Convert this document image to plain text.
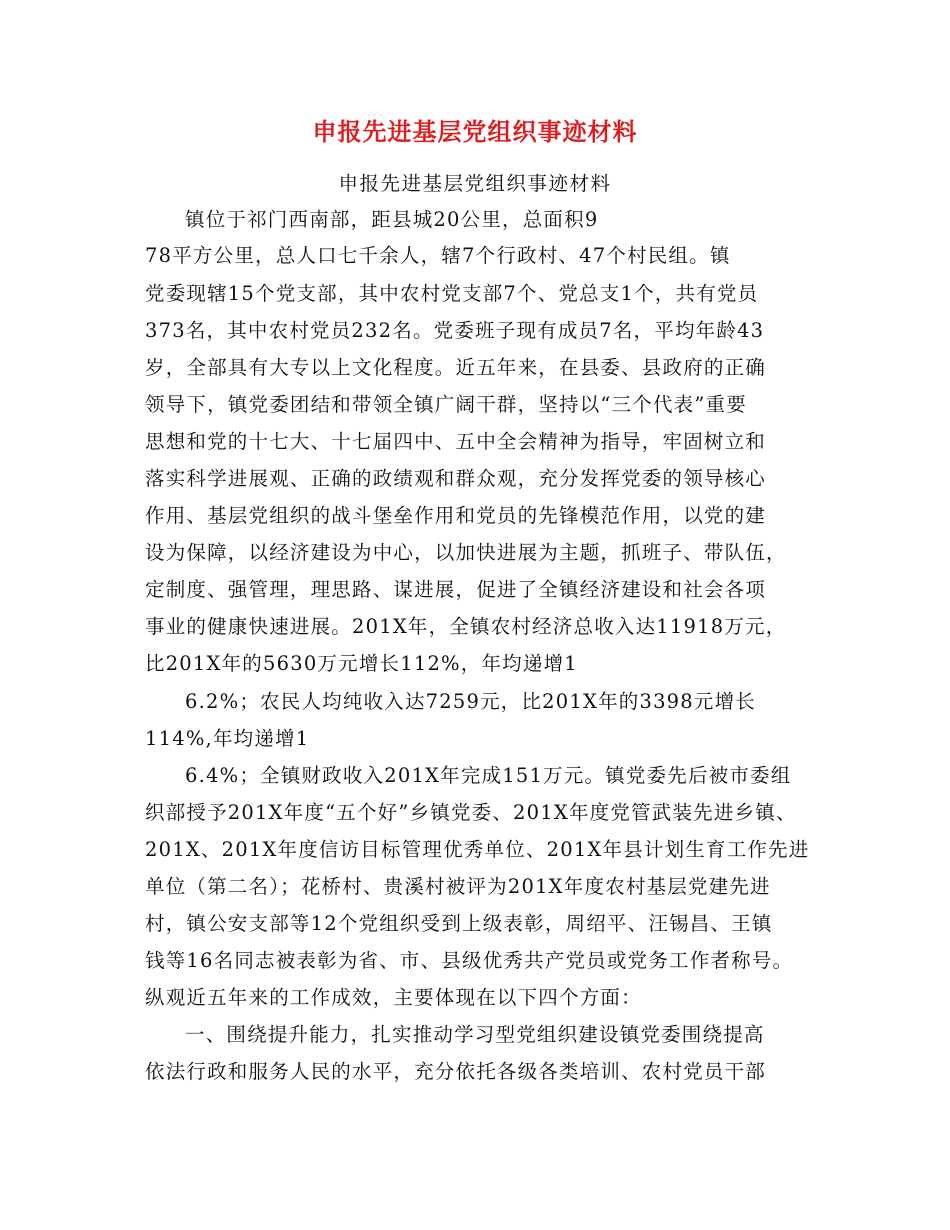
申报先进基层党组织事迹材料
申报先进基层党组织事迹材料
镇位于祁门西南部，距县城20公里，总面积9
78平方公里，总人口七千余人，辖7个行政村、47个村民组。镇
党委现辖15个党支部，其中农村党支部7个、党总支1个，共有党员
373名，其中农村党员232名。党委班子现有成员7名，平均年龄43
岁，全部具有大专以上文化程度。近五年来，在县委、县政府的正确
领导下，镇党委团结和带领全镇广阔干群，坚持以“三个代表”重要
思想和党的十七大、十七届四中、五中全会精神为指导，牢固树立和
落实科学进展观、正确的政绩观和群众观，充分发挥党委的领导核心
作用、基层党组织的战斗堡垒作用和党员的先锋模范作用，以党的建
设为保障，以经济建设为中心，以加快进展为主题，抓班子、带队伍，
定制度、强管理，理思路、谋进展，促进了全镇经济建设和社会各项
事业的健康快速进展。201X年，全镇农村经济总收入达11918万元，
比201X年的5630万元增长112%，年均递增1
6.2%；农民人均纯收入达7259元，比201X年的3398元增长
114%,年均递增1
6.4%；全镇财政收入201X年完成151万元。镇党委先后被市委组
织部授予201X年度“五个好”乡镇党委、201X年度党管武装先进乡镇、
201X、201X年度信访目标管理优秀单位、201X年县计划生育工作先进
单位（第二名）；花桥村、贵溪村被评为201X年度农村基层党建先进
村，镇公安支部等12个党组织受到上级表彰，周绍平、汪锡昌、王镇
钱等16名同志被表彰为省、市、县级优秀共产党员或党务工作者称号。
纵观近五年来的工作成效，主要体现在以下四个方面：
一、围绕提升能力，扎实推动学习型党组织建设镇党委围绕提高
依法行政和服务人民的水平，充分依托各级各类培训、农村党员干部
